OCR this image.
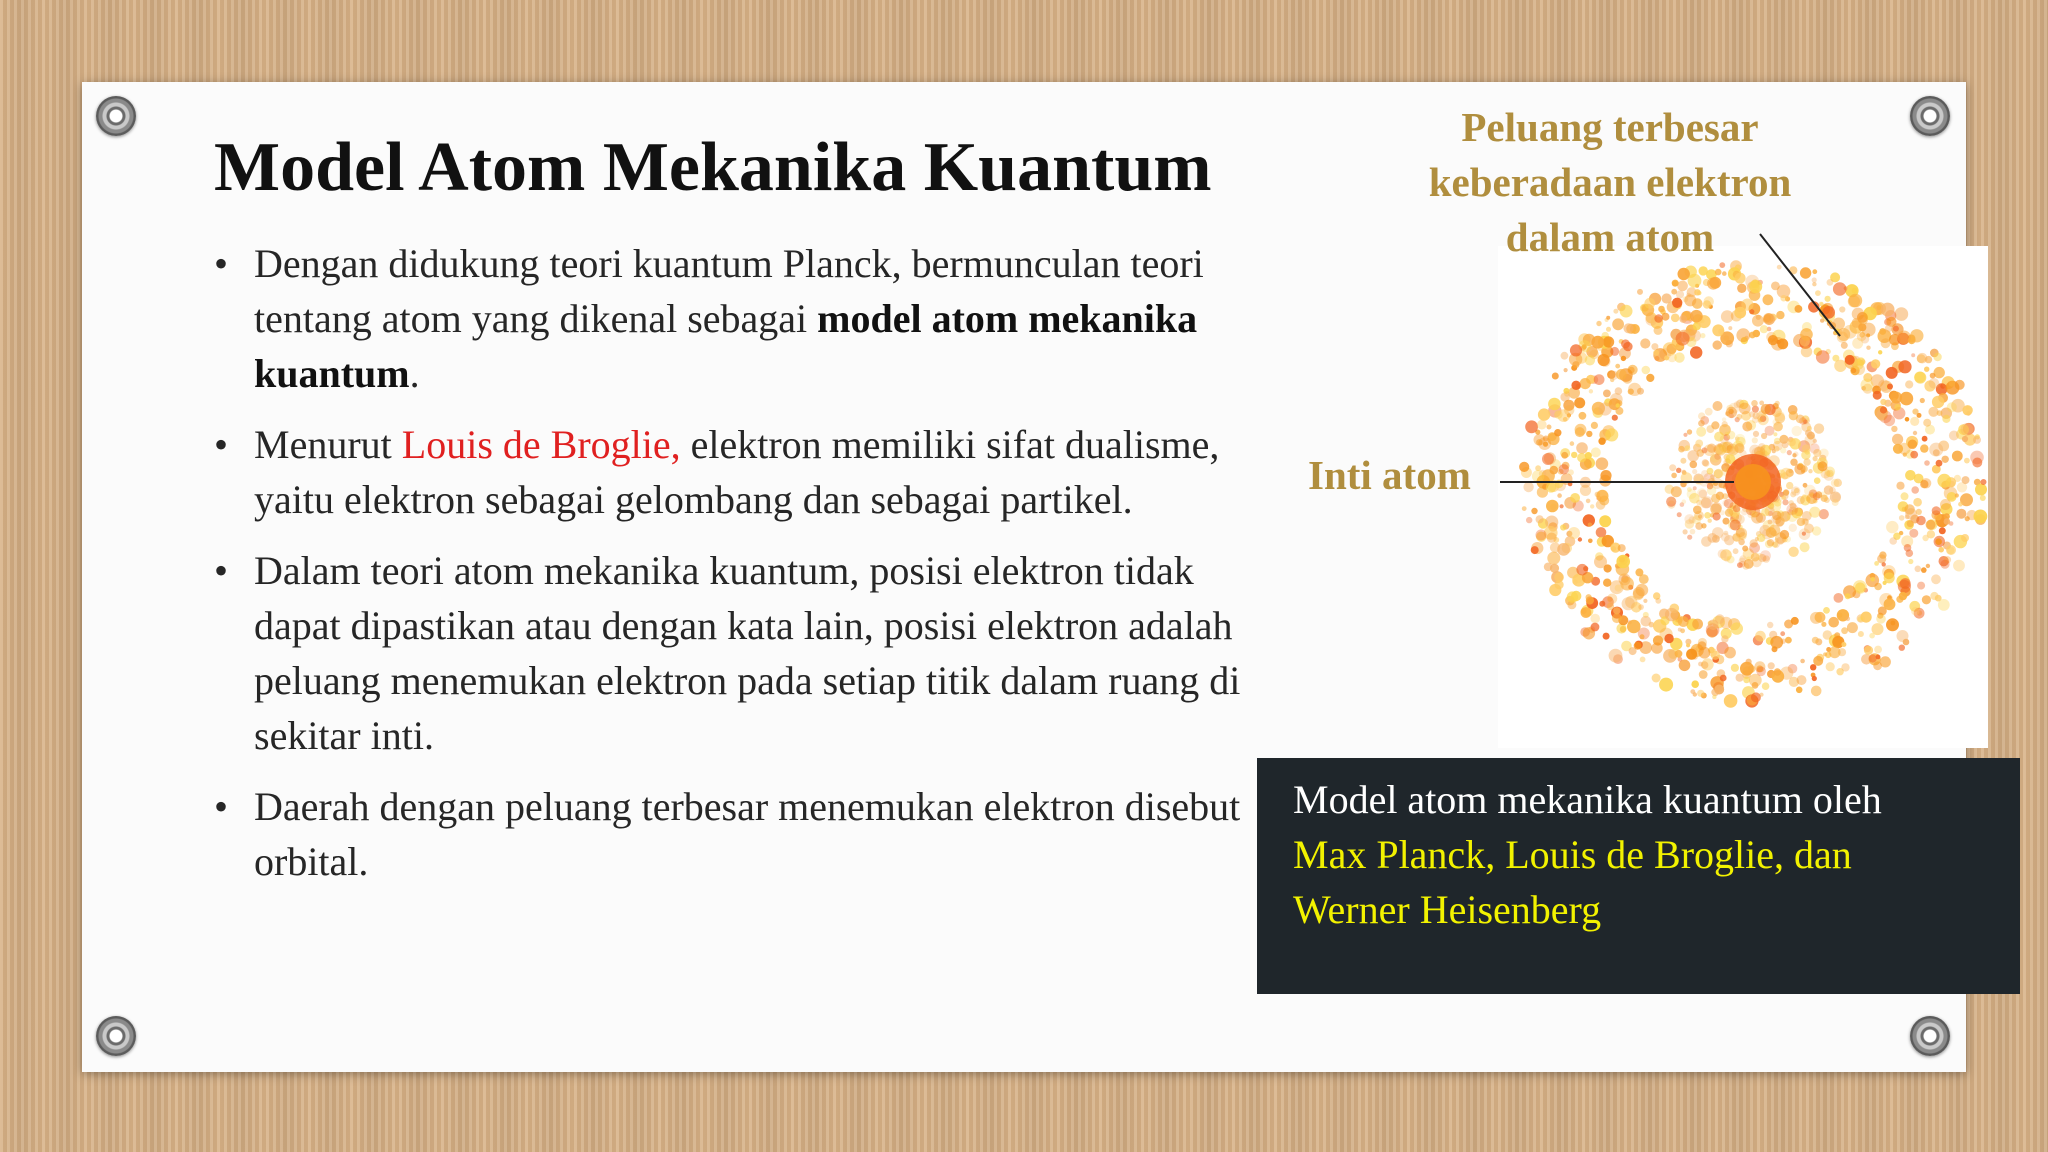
Model Atom Mekanika Kuantum
• Dengan didukung teori kuantum Planck, bermunculan teori tentang atom yang dikenal sebagai model atom mekanika kuantum.
• Menurut Louis de Broglie, elektron memiliki sifat dualisme, yaitu elektron sebagai gelombang dan sebagai partikel.
• Dalam teori atom mekanika kuantum, posisi elektron tidak dapat dipastikan atau dengan kata lain, posisi elektron adalah peluang menemukan elektron pada setiap titik dalam ruang di sekitar inti.
• Daerah dengan peluang terbesar menemukan elektron disebut orbital.
Peluang terbesar
keberadaan elektron
dalam atom
Inti atom
Model atom mekanika kuantum oleh
Max Planck, Louis de Broglie, dan
Werner Heisenberg
